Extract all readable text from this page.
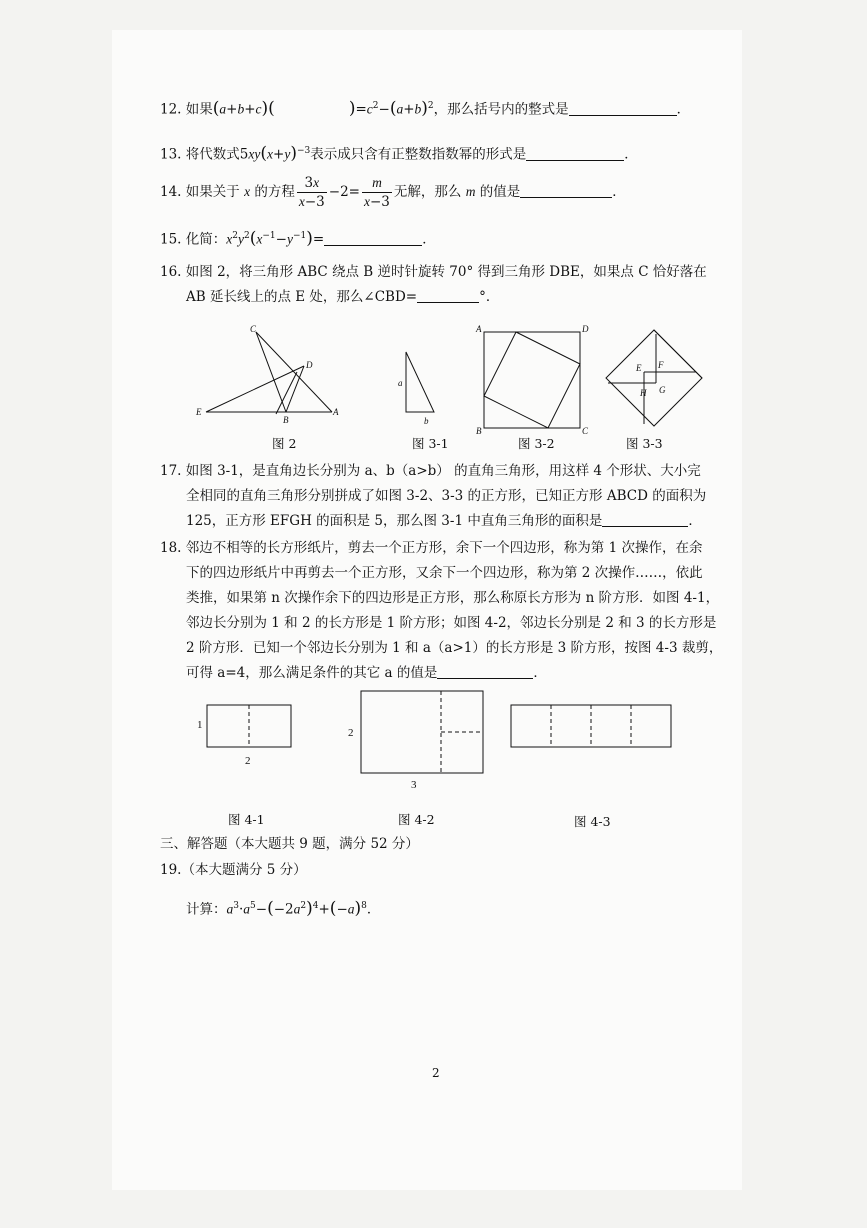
12. 如果(a+b+c)(	)$=c^2-(a+b)^2$，那么括号内的整式是	．
13. 将代数式$5xy(x+y)^{-3}$表示成只含有正整数指数幂的形式是	．
14. 如果关于 x 的方程 $\frac{3x}{x-3} -2= \frac{m}{x-3}$ 无解，那么 m 的值是	．
15. 化简：$x^2y^2(x^{-1}-y^{-1})=$	．
16. 如图 2，将三角形 ABC 绕点 B 逆时针旋转 70° 得到三角形 DBE，如果点 C 恰好落在
AB 延长线上的点 E 处，那么∠CBD=	°．
C
D
E
B
A
图 2
a
b
图 3-1
A	D
B	C
图 3-2
F
E
G
H
图 3-3
17. 如图 3-1，是直角边长分别为 a、b（a>b） 的直角三角形，用这样 4 个形状、大小完
全相同的直角三角形分别拼成了如图 3-2、3-3 的正方形，已知正方形 ABCD 的面积为
125，正方形 EFGH 的面积是 5，那么图 3-1 中直角三角形的面积是	．
18. 邻边不相等的长方形纸片，剪去一个正方形，余下一个四边形，称为第 1 次操作，在余
下的四边形纸片中再剪去一个正方形，又余下一个四边形，称为第 2 次操作……，依此
类推，如果第 n 次操作余下的四边形是正方形，那么称原长方形为 n 阶方形．如图 4-1，
邻边长分别为 1 和 2 的长方形是 1 阶方形；如图 4-2，邻边长分别是 2 和 3 的长方形是
2 阶方形．已知一个邻边长分别为 1 和 a（a>1）的长方形是 3 阶方形，按图 4-3 裁剪，
可得 a=4，那么满足条件的其它 a 的值是	．
1
2
图 4-1
2
3
图 4-2	图 4-3
三、解答题（本大题共 9 题，满分 52 分）
19.（本大题满分 5 分）
计算：$a^3\cdot a^5-(-2a^2)^4+(-a)^8$．
2
